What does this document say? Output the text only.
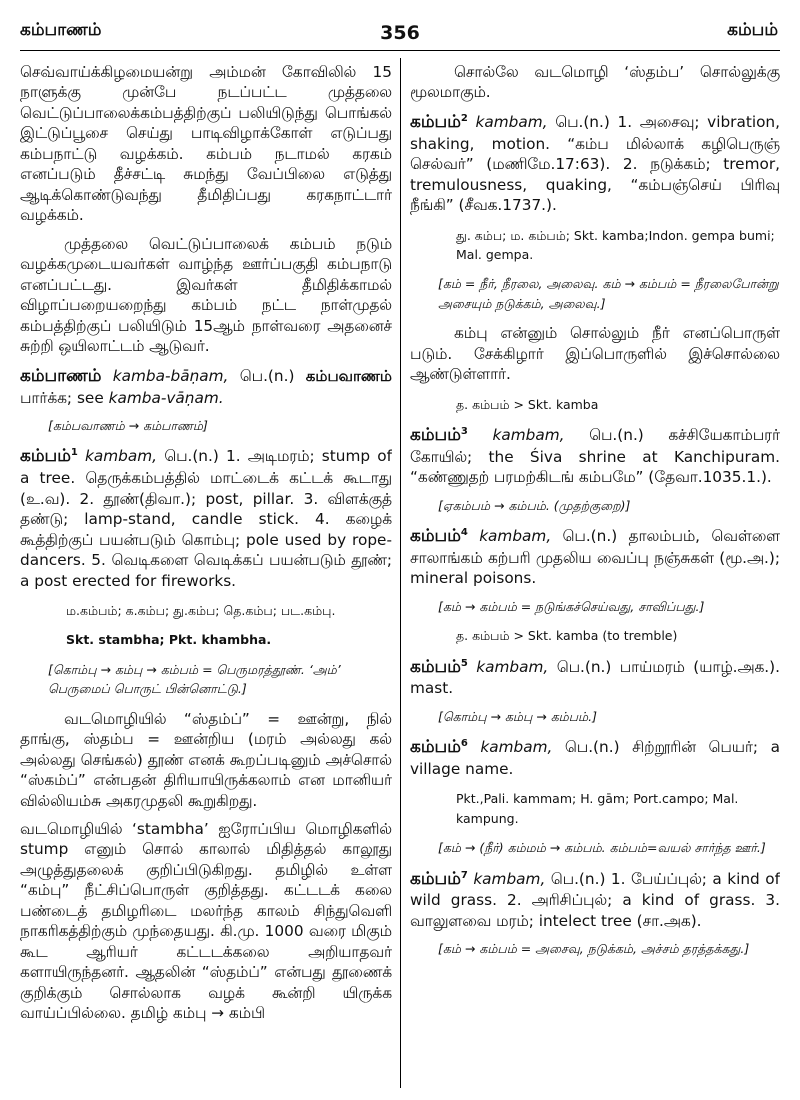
கம்பாணம்	356	கம்பம்

செவ்வாய்க்கிழமையன்று அம்மன் கோவிலில் 15 நாளுக்கு முன்பே நடப்பட்ட முத்தலை வெட்டுப்பாலைக்கம்பத்திற்குப் பலியிடுந்து பொங்கல் இட்டுப்பூசை செய்து பாடிவிழாக்கோள் எடுப்பது கம்பநாட்டு வழக்கம். கம்பம் நடாமல் கரகம் எனப்படும் தீச்சட்டி சுமந்து வேப்பிலை எடுத்து ஆடிக்கொண்டுவந்து தீமிதிப்பது கரகநாட்டார் வழக்கம்.

முத்தலை வெட்டுப்பாலைக் கம்பம் நடும் வழக்கமுடையவர்கள் வாழ்ந்த ஊர்ப்பகுதி கம்பநாடு எனப்பட்டது. இவர்கள் தீமிதிக்காமல் விழாப்பறையறைந்து கம்பம் நட்ட நாள்முதல் கம்பத்திற்குப் பலியிடும் 15ஆம் நாள்வரை அதனைச் சுற்றி ஒயிலாட்டம் ஆடுவர்.

கம்பாணம் kamba-bāṇam, பெ.(n.) கம்பவாணம் பார்க்க; see kamba-vāṇam.

[கம்பவாணம் → கம்பாணம்]

கம்பம்$^1$ kambam, பெ.(n.) 1. அடிமரம்; stump of a tree. தெருக்கம்பத்தில் மாட்டைக் கட்டக் கூடாது (உ.வ). 2. தூண்(திவா.); post, pillar. 3. விளக்குத் தண்டு; lamp-stand, candle stick. 4. கழைக் கூத்திற்குப் பயன்படும் கொம்பு; pole used by rope-dancers. 5. வெடிகளை வெடிக்கப் பயன்படும் தூண்; a post erected for fireworks.

ம.கம்பம்; க.கம்ப; து.கம்ப; தெ.கம்ப; பட.கம்பு.

Skt. stambha; Pkt. khambha.

[கொம்பு → கம்பு → கம்பம் = பெருமரத்தூண். ‘அம்’ பெருமைப் பொருட் பின்னொட்டு.]

வடமொழியில் “ஸ்தம்ப்” = ஊன்று, நில் தாங்கு, ஸ்தம்ப = ஊன்றிய (மரம் அல்லது கல் அல்லது செங்கல்) தூண் எனக் கூறப்படினும் அச்சொல் “ஸ்கம்ப்” என்பதன் திரியாயிருக்கலாம் என மானியர் வில்லியம்சு அகரமுதலி கூறுகிறது.

வடமொழியில் ‘stambha’ ஐரோப்பிய மொழிகளில் stump எனும் சொல் காலால் மிதித்தல் காலூது அழுத்துதலைக் குறிப்பிடுகிறது. தமிழில் உள்ள “கம்பு” நீட்சிப்பொருள் குறித்தது. கட்டடக் கலை பண்டைத் தமிழரிடை மலர்ந்த காலம் சிந்துவெளி நாகரிகத்திற்கும் முந்தையது. கி.மு. 1000 வரை மிகும் கூட ஆரியர் கட்டடக்கலை அறியாதவர் களாயிருந்தனர். ஆதலின் “ஸ்தம்ப்” என்பது தூணைக் குறிக்கும் சொல்லாக வழக் கூன்றி யிருக்க வாய்ப்பில்லை. தமிழ் கம்பு → கம்பி

சொல்லே வடமொழி ‘ஸ்தம்ப’ சொல்லுக்கு மூலமாகும்.

கம்பம்$^2$ kambam, பெ.(n.) 1. அசைவு; vibration, shaking, motion. “கம்ப மில்லாக் கழிபெருஞ் செல்வர்” (மணிமே.17:63). 2. நடுக்கம்; tremor, tremulousness, quaking, “கம்பஞ்செய் பிரிவு நீங்கி” (சீவக.1737.).

து. கம்ப; ம. கம்பம்; Skt. kamba;Indon. gempa bumi; Mal. gempa.

[கம் = நீர், நீரலை, அலைவு. கம் → கம்பம் = நீரலைபோன்று அசையும் நடுக்கம், அலைவு.]

கம்பு என்னும் சொல்லும் நீர் எனப்பொருள் படும். சேக்கிழார் இப்பொருளில் இச்சொல்லை ஆண்டுள்ளார்.

த. கம்பம் > Skt. kamba

கம்பம்$^3$ kambam, பெ.(n.) கச்சியேகாம்பரர் கோயில்; the Śiva shrine at Kanchipuram. “கண்ணுதற் பரமற்கிடங் கம்பமே” (தேவா.1035.1.).

[ஏகம்பம் → கம்பம். (முதற்குறை)]

கம்பம்$^4$ kambam, பெ.(n.) தாலம்பம், வெள்ளை சாலாங்கம் கற்பரி முதலிய வைப்பு நஞ்சுகள் (மூ.அ.); mineral poisons.

[கம் → கம்பம் = நடுங்கச்செய்வது, சாவிப்பது.]

த. கம்பம் > Skt. kamba (to tremble)

கம்பம்$^5$ kambam, பெ.(n.) பாய்மரம் (யாழ்.அக.). mast.

[கொம்பு → கம்பு → கம்பம்.]

கம்பம்$^6$ kambam, பெ.(n.) சிற்றூரின் பெயர்; a village name.

Pkt.,Pali. kammam; H. gām; Port.campo; Mal. kampung.

[கம் → (நீர்) கம்மம் → கம்பம். கம்பம்=வயல் சார்ந்த ஊர்.]

கம்பம்$^7$ kambam, பெ.(n.) 1. பேய்ப்புல்; a kind of wild grass. 2. அரிசிப்புல்; a kind of grass. 3. வாலுளவை மரம்; intelect tree (சா.அக).

[கம் → கம்பம் = அசைவு, நடுக்கம், அச்சம் தரத்தக்கது.]
